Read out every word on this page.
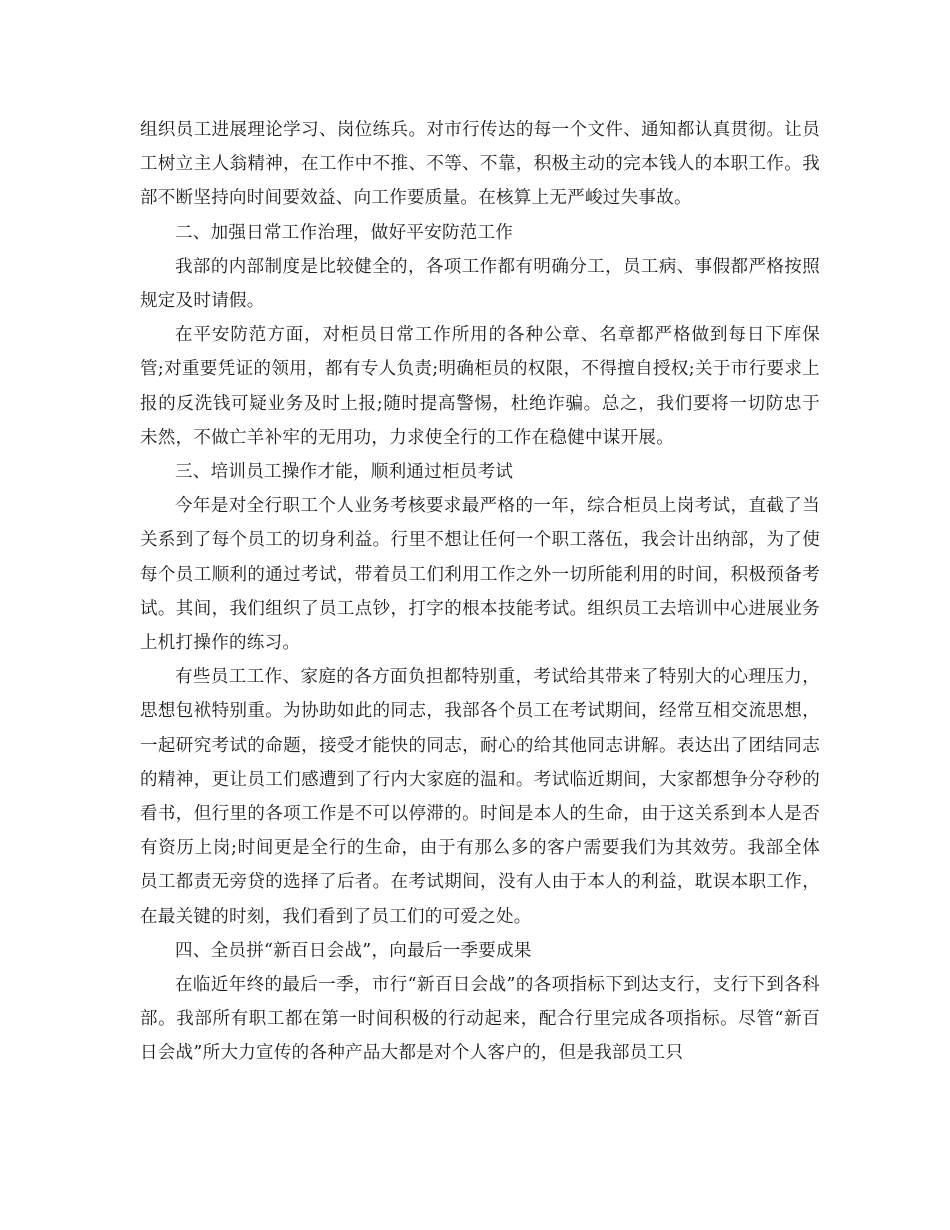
组织员工进展理论学习、岗位练兵。对市行传达的每一个文件、通知都认真贯彻。让员工树立主人翁精神，在工作中不推、不等、不靠，积极主动的完本钱人的本职工作。我部不断坚持向时间要效益、向工作要质量。在核算上无严峻过失事故。

二、加强日常工作治理，做好平安防范工作

我部的内部制度是比较健全的，各项工作都有明确分工，员工病、事假都严格按照规定及时请假。

在平安防范方面，对柜员日常工作所用的各种公章、名章都严格做到每日下库保管;对重要凭证的领用，都有专人负责;明确柜员的权限，不得擅自授权;关于市行要求上报的反洗钱可疑业务及时上报;随时提高警惕，杜绝诈骗。总之，我们要将一切防忠于未然，不做亡羊补牢的无用功，力求使全行的工作在稳健中谋开展。

三、培训员工操作才能，顺利通过柜员考试

今年是对全行职工个人业务考核要求最严格的一年，综合柜员上岗考试，直截了当关系到了每个员工的切身利益。行里不想让任何一个职工落伍，我会计出纳部，为了使每个员工顺利的通过考试，带着员工们利用工作之外一切所能利用的时间，积极预备考试。其间，我们组织了员工点钞，打字的根本技能考试。组织员工去培训中心进展业务上机打操作的练习。

有些员工工作、家庭的各方面负担都特别重，考试给其带来了特别大的心理压力，思想包袱特别重。为协助如此的同志，我部各个员工在考试期间，经常互相交流思想，一起研究考试的命题，接受才能快的同志，耐心的给其他同志讲解。表达出了团结同志的精神，更让员工们感遭到了行内大家庭的温和。考试临近期间，大家都想争分夺秒的看书，但行里的各项工作是不可以停滞的。时间是本人的生命，由于这关系到本人是否有资历上岗;时间更是全行的生命，由于有那么多的客户需要我们为其效劳。我部全体员工都责无旁贷的选择了后者。在考试期间，没有人由于本人的利益，耽误本职工作，在最关键的时刻，我们看到了员工们的可爱之处。

四、全员拼“新百日会战”，向最后一季要成果

在临近年终的最后一季，市行“新百日会战”的各项指标下到达支行，支行下到各科部。我部所有职工都在第一时间积极的行动起来，配合行里完成各项指标。尽管“新百日会战”所大力宣传的各种产品大都是对个人客户的，但是我部员工只
